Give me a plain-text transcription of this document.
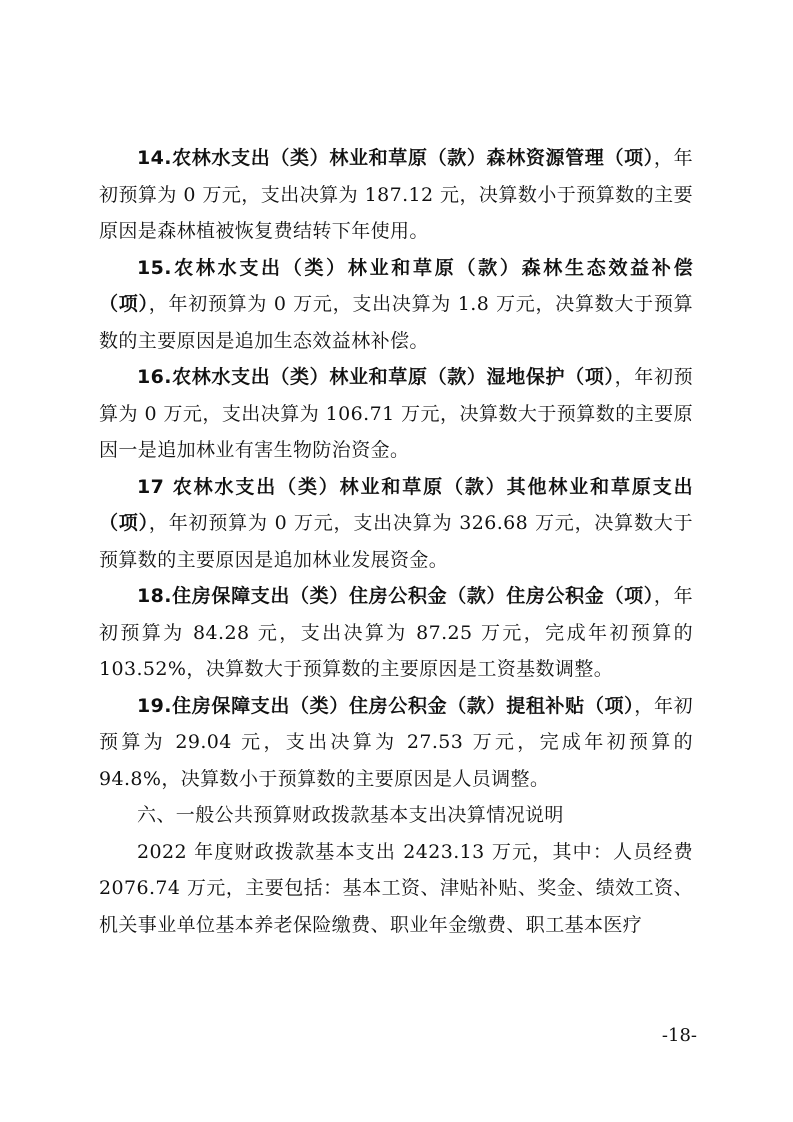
14.农林水支出（类）林业和草原（款）森林资源管理（项），年初预算为 0 万元，支出决算为 187.12 元，决算数小于预算数的主要原因是森林植被恢复费结转下年使用。

15.农林水支出（类）林业和草原（款）森林生态效益补偿（项），年初预算为 0 万元，支出决算为 1.8 万元，决算数大于预算数的主要原因是追加生态效益林补偿。

16.农林水支出（类）林业和草原（款）湿地保护（项），年初预算为 0 万元，支出决算为 106.71 万元，决算数大于预算数的主要原因一是追加林业有害生物防治资金。

17 农林水支出（类）林业和草原（款）其他林业和草原支出（项），年初预算为 0 万元，支出决算为 326.68 万元，决算数大于预算数的主要原因是追加林业发展资金。

18.住房保障支出（类）住房公积金（款）住房公积金（项），年初预算为 84.28 元，支出决算为 87.25 万元，完成年初预算的 103.52%，决算数大于预算数的主要原因是工资基数调整。

19.住房保障支出（类）住房公积金（款）提租补贴（项），年初预算为 29.04 元，支出决算为 27.53 万元，完成年初预算的 94.8%，决算数小于预算数的主要原因是人员调整。

六、一般公共预算财政拨款基本支出决算情况说明

2022 年度财政拨款基本支出 2423.13 万元，其中：人员经费 2076.74 万元，主要包括：基本工资、津贴补贴、奖金、绩效工资、机关事业单位基本养老保险缴费、职业年金缴费、职工基本医疗

-18-
